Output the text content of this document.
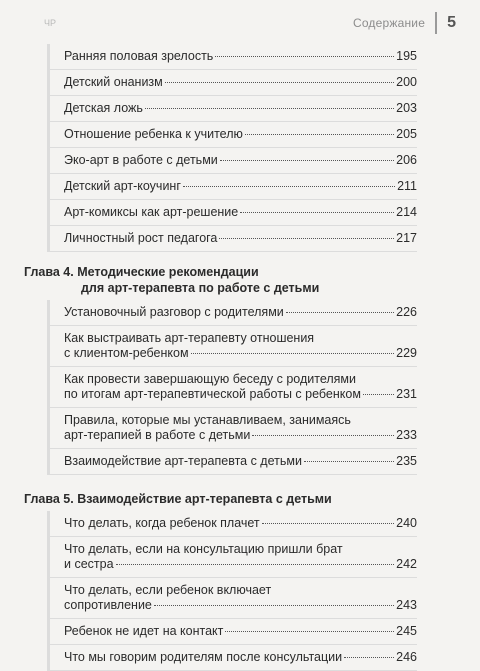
ЧР	Содержание 5
Ранняя половая зрелость	195
Детский онанизм	200
Детская ложь	203
Отношение ребенка к учителю	205
Эко-арт в работе с детьми	206
Детский арт-коучинг	211
Арт-комиксы как арт-решение	214
Личностный рост педагога	217
Глава 4. Методические рекомендации
для арт-терапевта по работе с детьми
Установочный разговор с родителями	226
Как выстраивать арт-терапевту отношения
с клиентом-ребенком	229
Как провести завершающую беседу с родителями
по итогам арт-терапевтической работы с ребенком	231
Правила, которые мы устанавливаем, занимаясь
арт-терапией в работе с детьми	233
Взаимодействие арт-терапевта с детьми	235
Глава 5. Взаимодействие арт-терапевта с детьми
Что делать, когда ребенок плачет	240
Что делать, если на консультацию пришли брат
и сестра	242
Что делать, если ребенок включает
сопротивление	243
Ребенок не идет на контакт	245
Что мы говорим родителям после консультации	246
